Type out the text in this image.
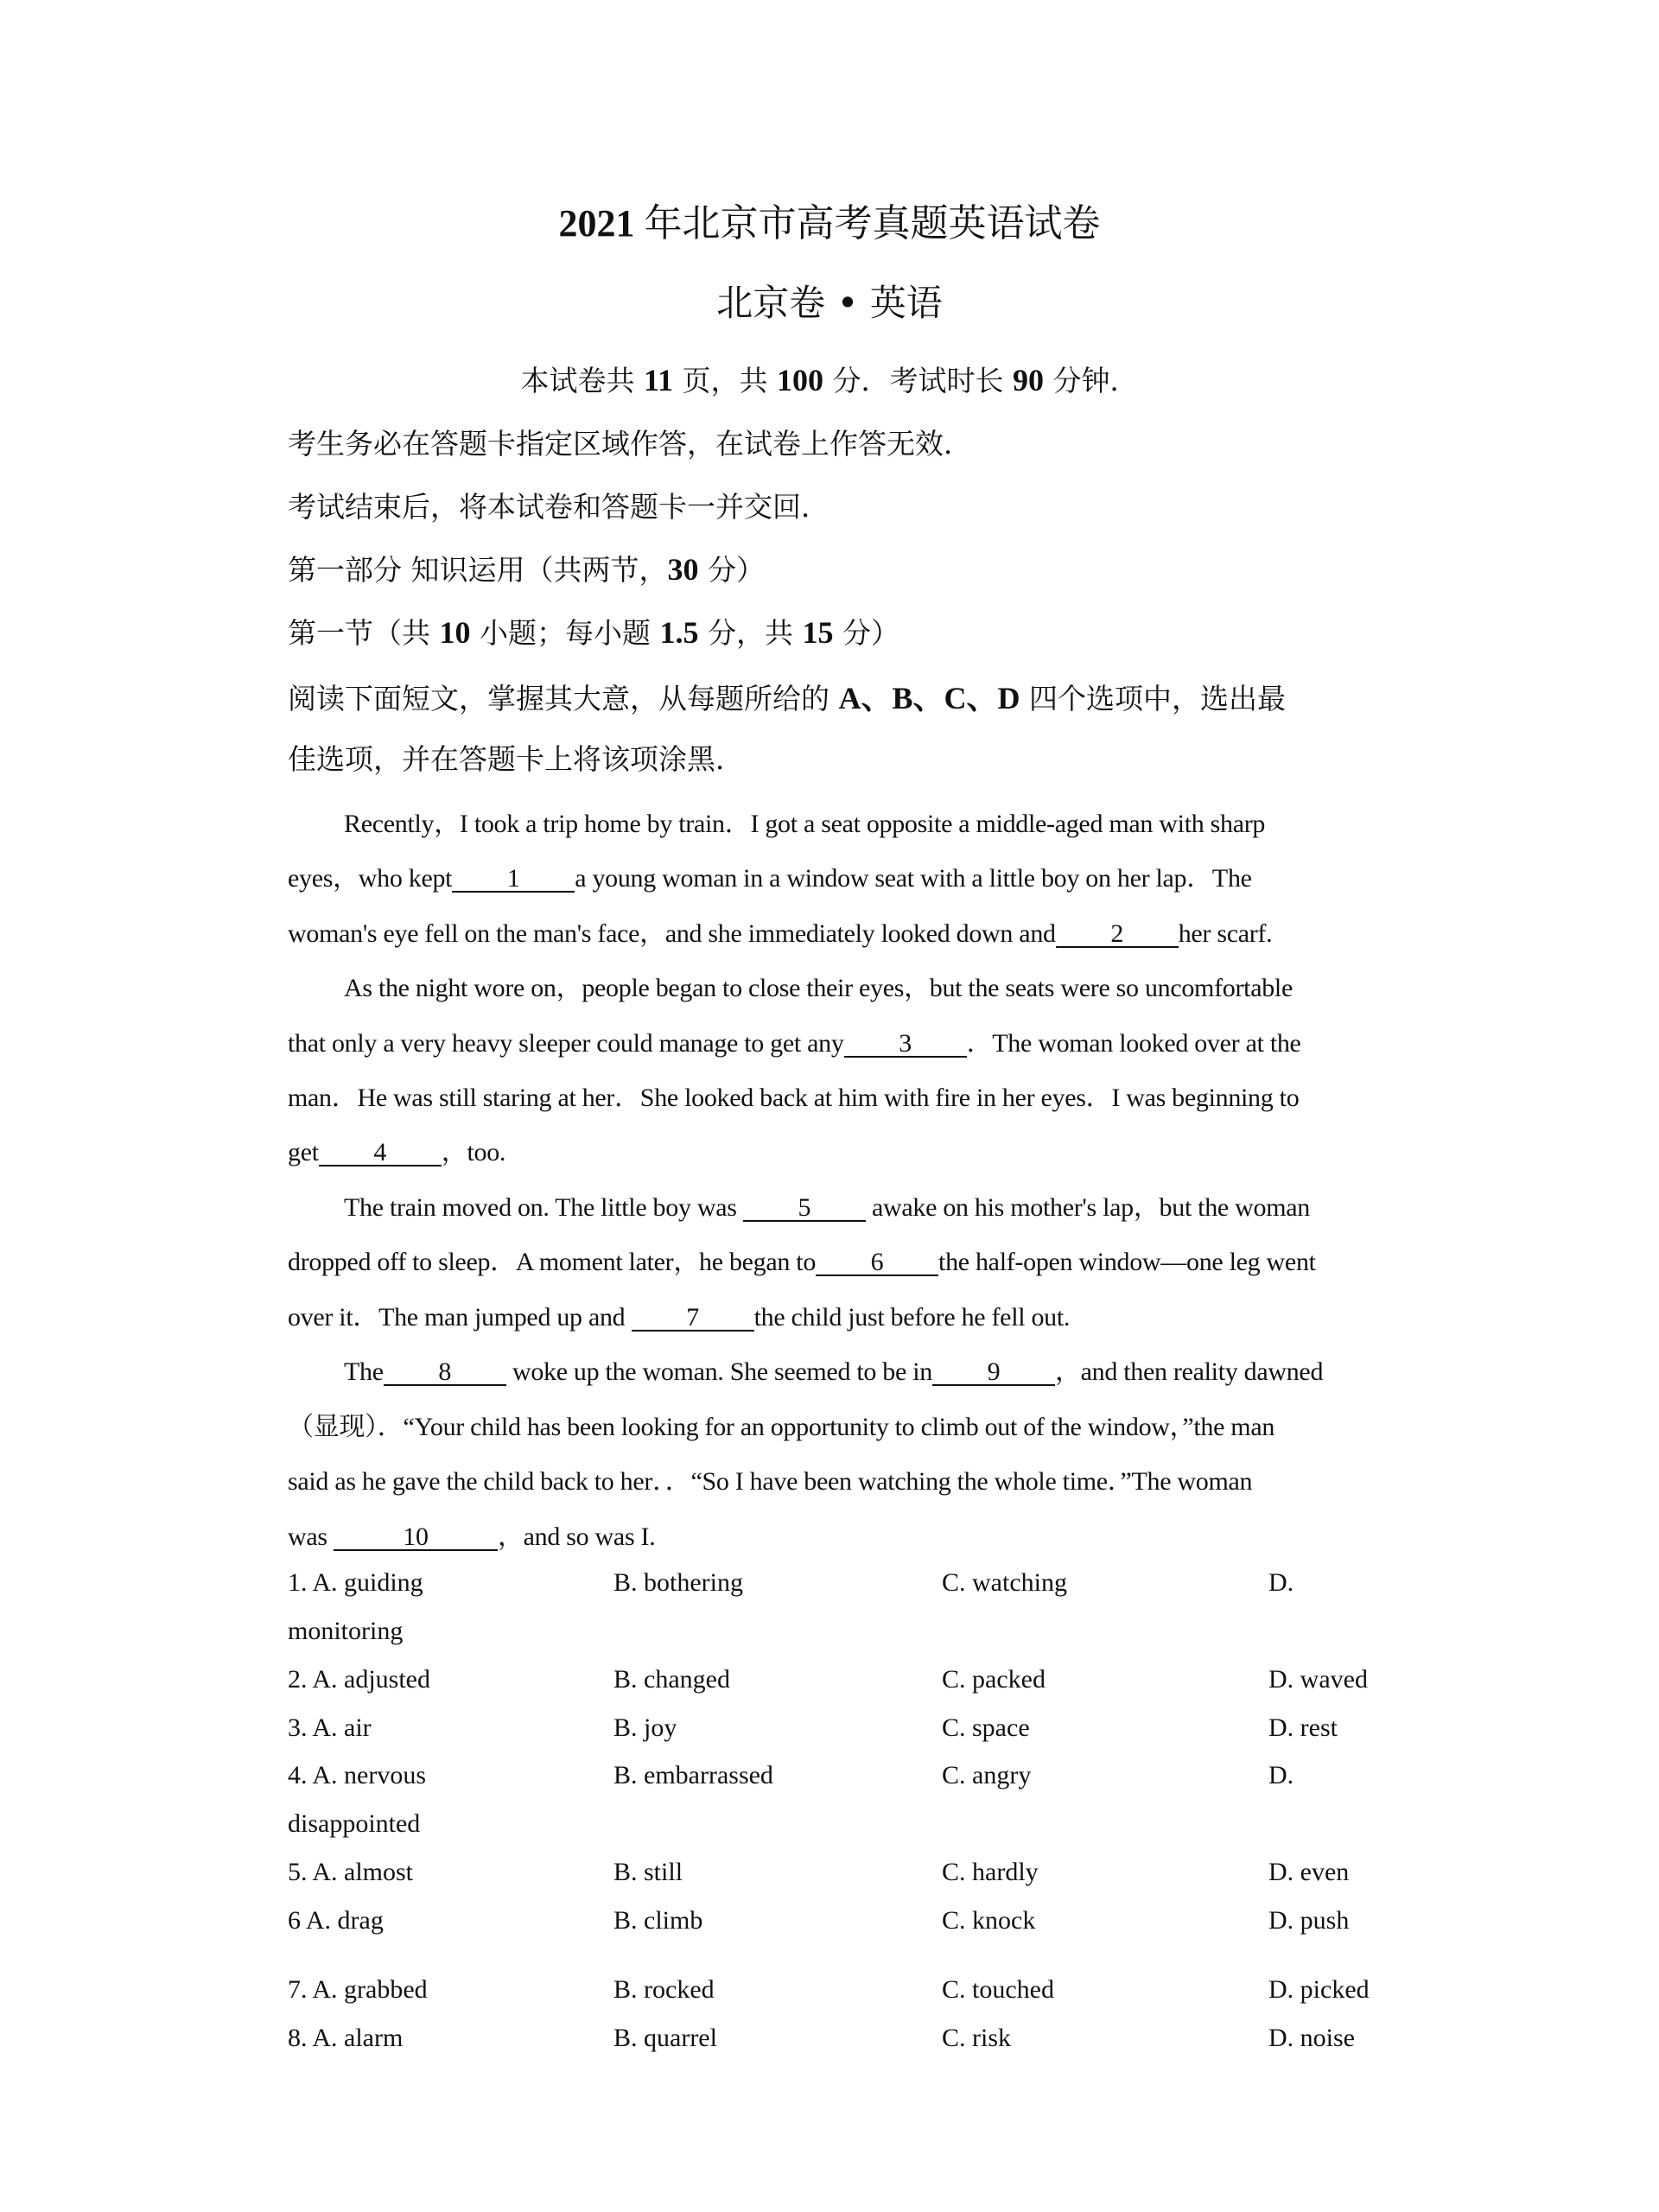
2021 年北京市高考真题英语试卷
北京卷 • 英语
本试卷共 11 页，共 100 分．考试时长 90 分钟．
考生务必在答题卡指定区域作答，在试卷上作答无效．
考试结束后，将本试卷和答题卡一并交回．
第一部分 知识运用（共两节，30 分）
第一节（共 10 小题；每小题 1.5 分，共 15 分）
阅读下面短文，掌握其大意，从每题所给的 A、B、C、D 四个选项中，选出最
佳选项，并在答题卡上将该项涂黑．
Recently，I took a trip home by train．I got a seat opposite a middle-aged man with sharp
eyes，who kept 1 a young woman in a window seat with a little boy on her lap．The
woman's eye fell on the man's face，and she immediately looked down and 2 her scarf.
As the night wore on，people began to close their eyes，but the seats were so uncomfortable
that only a very heavy sleeper could manage to get any 3 ．The woman looked over at the
man．He was still staring at her．She looked back at him with fire in her eyes．I was beginning to
get 4 ，too.
The train moved on. The little boy was 5 awake on his mother's lap，but the woman
dropped off to sleep．A moment later，he began to 6 the half-open window—one leg went
over it．The man jumped up and 7 the child just before he fell out.
The 8 woke up the woman. She seemed to be in 9 ，and then reality dawned
（显现）．“Your child has been looking for an opportunity to climb out of the window，”the man
said as he gave the child back to her．．“So I have been watching the whole time．”The woman
was	10	，and so was I.
1. A. guiding	B. bothering	C. watching	D.
monitoring
2. A. adjusted	B. changed	C. packed	D. waved
3. A. air	B. joy	C. space	D. rest
4. A. nervous	B. embarrassed	C. angry	D.
disappointed
5. A. almost	B. still	C. hardly	D. even
6 A. drag	B. climb	C. knock	D. push
7. A. grabbed	B. rocked	C. touched	D. picked
8. A. alarm	B. quarrel	C. risk	D. noise
